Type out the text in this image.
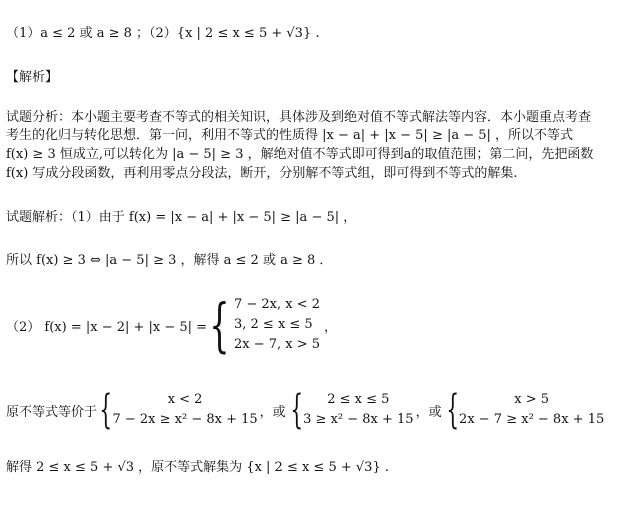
（1）a ≤ 2 或 a ≥ 8 ；（2）{x | 2 ≤ x ≤ 5 + √3} .
【解析】
试题分析：本小题主要考查不等式的相关知识，具体涉及到绝对值不等式解法等内容．本小题重点考查
考生的化归与转化思想．第一问，利用不等式的性质得 |x − a| + |x − 5| ≥ |a − 5| ，所以不等式
f(x) ≥ 3 恒成立,可以转化为 |a − 5| ≥ 3 ，解绝对值不等式即可得到a的取值范围；第二问，先把函数
f(x) 写成分段函数，再利用零点分段法，断开，分别解不等式组，即可得到不等式的解集.
试题解析：（1）由于 f(x) = |x − a| + |x − 5| ≥ |a − 5| ，
所以 f(x) ≥ 3 ⇔ |a − 5| ≥ 3 ，解得 a ≤ 2 或 a ≥ 8 ．
（2） f(x) = |x − 2| + |x − 5| = { 7 − 2x, x < 2
3, 2 ≤ x ≤ 5
2x − 7, x > 5
，
原不等式等价于 {	x < 2
7 − 2x ≥ x² − 8x + 15 ，或 {	2 ≤ x ≤ 5
3 ≥ x² − 8x + 15 ，或 {	x > 5
2x − 7 ≥ x² − 8x + 15
解得 2 ≤ x ≤ 5 + √3 ，原不等式解集为 {x | 2 ≤ x ≤ 5 + √3} .
